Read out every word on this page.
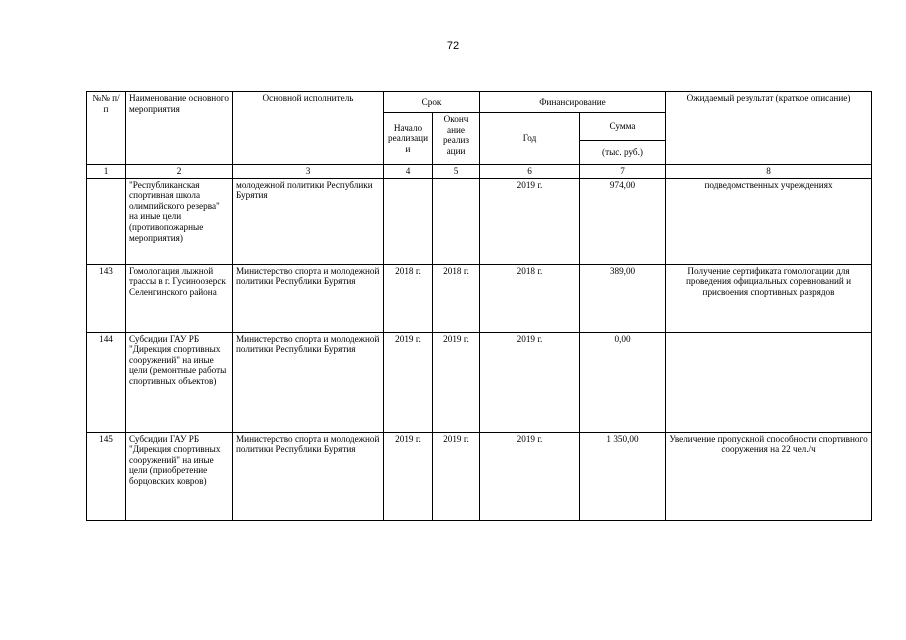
72
№№ п/п	Наименование основного мероприятия	Основной исполнитель	Срок		Финансирование		Ожидаемый результат (краткое описание)
			Начало реализаци и	Оконч ание реализ ации	Год	Сумма	
						(тыс. руб.)	
1	2	3	4	5	6	7	8
	"Республиканская спортивная школа олимпийского резерва" на иные цели (противопожарные мероприятия)	молодежной политики Республики Бурятия			2019 г.	974,00	подведомственных учреждениях
143	Гомологация лыжной трассы в г. Гусиноозерск Селенгинского района	Министерство спорта и молодежной политики Республики Бурятия	2018 г.	2018 г.	2018 г.	389,00	Получение сертификата гомологации для проведения официальных соревнований и присвоения спортивных разрядов
144	Субсидии ГАУ РБ "Дирекция спортивных сооружений" на иные цели (ремонтные работы спортивных объектов)	Министерство спорта и молодежной политики Республики Бурятия	2019 г.	2019 г.	2019 г.	0,00	
145	Субсидии ГАУ РБ "Дирекция спортивных сооружений" на иные цели (приобретение борцовских ковров)	Министерство спорта и молодежной политики Республики Бурятия	2019 г.	2019 г.	2019 г.	1 350,00	Увеличение пропускной способности спортивного сооружения на 22 чел./ч
